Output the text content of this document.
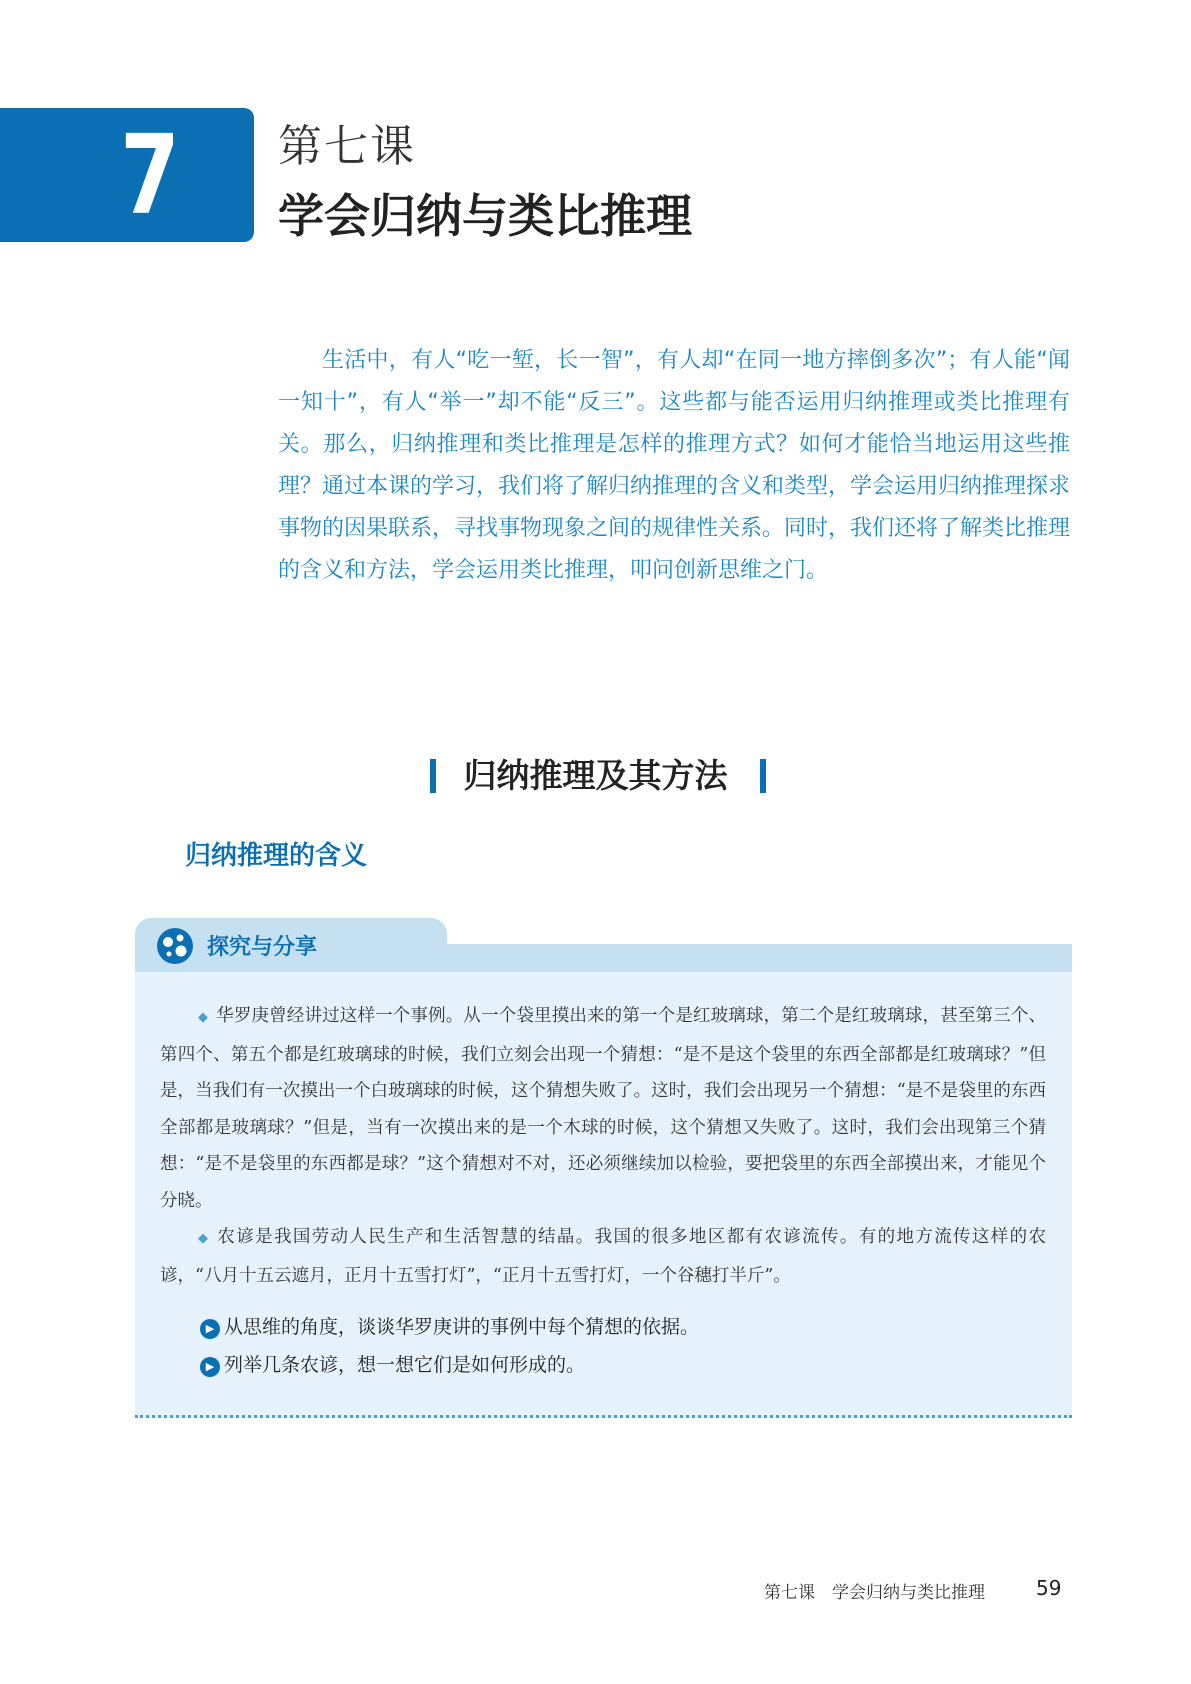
7	第七课
学会归纳与类比推理
生活中，有人“吃一堑，长一智”，有人却“在同一地方摔倒多次”；有人能“闻一知十”，有人“举一”却不能“反三”。这些都与能否运用归纳推理或类比推理有关。那么，归纳推理和类比推理是怎样的推理方式？如何才能恰当地运用这些推理？通过本课的学习，我们将了解归纳推理的含义和类型，学会运用归纳推理探求事物的因果联系，寻找事物现象之间的规律性关系。同时，我们还将了解类比推理的含义和方法，学会运用类比推理，叩问创新思维之门。
归纳推理及其方法
归纳推理的含义
探究与分享

◆ 华罗庚曾经讲过这样一个事例。从一个袋里摸出来的第一个是红玻璃球，第二个是红玻璃球，甚至第三个、第四个、第五个都是红玻璃球的时候，我们立刻会出现一个猜想：“是不是这个袋里的东西全部都是红玻璃球？”但是，当我们有一次摸出一个白玻璃球的时候，这个猜想失败了。这时，我们会出现另一个猜想：“是不是袋里的东西全部都是玻璃球？”但是，当有一次摸出来的是一个木球的时候，这个猜想又失败了。这时，我们会出现第三个猜想：“是不是袋里的东西都是球？”这个猜想对不对，还必须继续加以检验，要把袋里的东西全部摸出来，才能见个分晓。

◆ 农谚是我国劳动人民生产和生活智慧的结晶。我国的很多地区都有农谚流传。有的地方流传这样的农谚，“八月十五云遮月，正月十五雪打灯”，“正月十五雪打灯，一个谷穗打半斤”。

▶ 从思维的角度，谈谈华罗庚讲的事例中每个猜想的依据。
▶ 列举几条农谚，想一想它们是如何形成的。
第七课　学会归纳与类比推理	59
